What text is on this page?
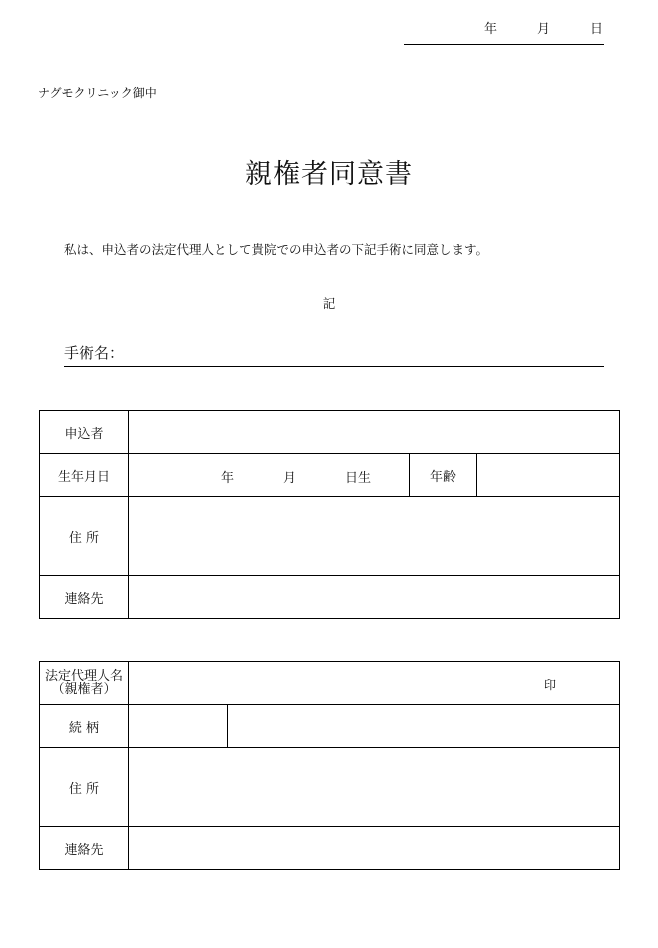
年	月	日
ナグモクリニック御中
親権者同意書
私は、申込者の法定代理人として貴院での申込者の下記手術に同意します。
記
手術名：
申込者			
生年月日	年 月 日生	年齢	
住 所			
連絡先			
法定代理人名
（親権者）	印	

続 柄		
住 所		
連絡先		
